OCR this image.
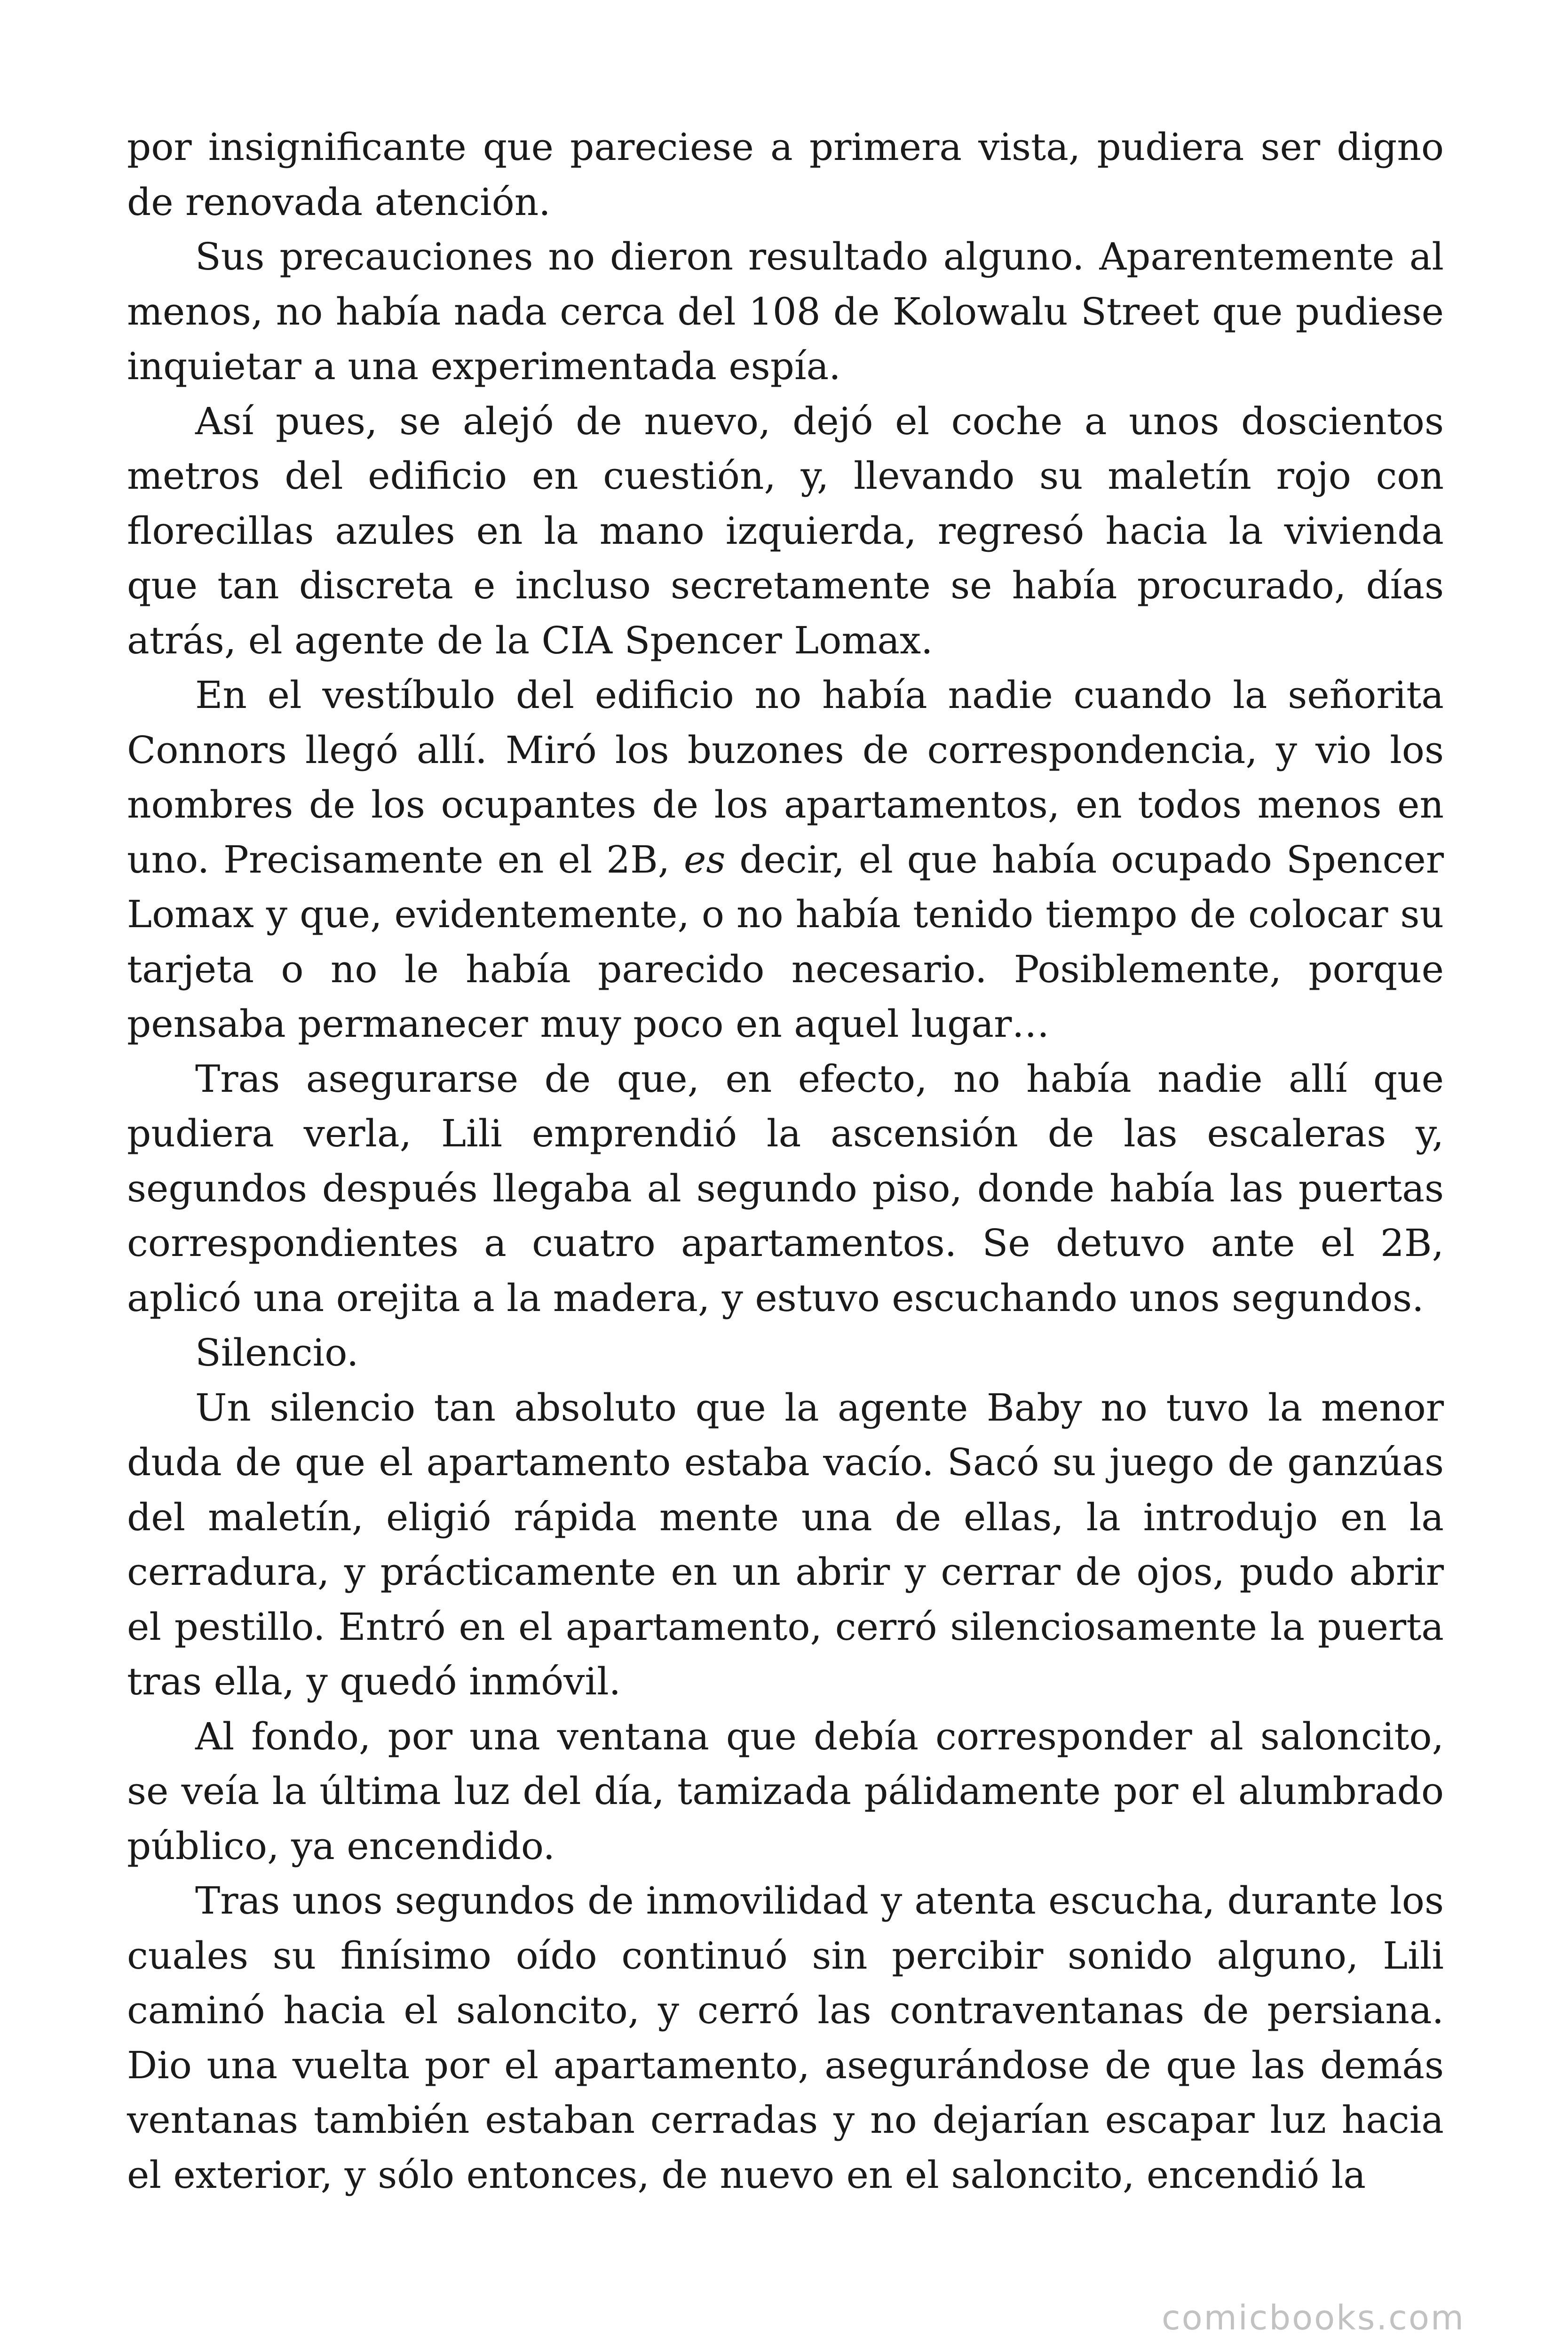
por insignificante que pareciese a primera vista, pudiera ser digno de renovada atención.

Sus precauciones no dieron resultado alguno. Aparentemente al menos, no había nada cerca del 108 de Kolowalu Street que pudiese inquietar a una experimentada espía.

Así pues, se alejó de nuevo, dejó el coche a unos doscientos metros del edificio en cuestión, y, llevando su maletín rojo con florecillas azules en la mano izquierda, regresó hacia la vivienda que tan discreta e incluso secretamente se había procurado, días atrás, el agente de la CIA Spencer Lomax.

En el vestíbulo del edificio no había nadie cuando la señorita Connors llegó allí. Miró los buzones de correspondencia, y vio los nombres de los ocupantes de los apartamentos, en todos menos en uno. Precisamente en el 2B, es decir, el que había ocupado Spencer Lomax y que, evidentemente, o no había tenido tiempo de colocar su tarjeta o no le había parecido necesario. Posiblemente, porque pensaba permanecer muy poco en aquel lugar…

Tras asegurarse de que, en efecto, no había nadie allí que pudiera verla, Lili emprendió la ascensión de las escaleras y, segundos después llegaba al segundo piso, donde había las puertas correspondientes a cuatro apartamentos. Se detuvo ante el 2B, aplicó una orejita a la madera, y estuvo escuchando unos segundos.

Silencio.

Un silencio tan absoluto que la agente Baby no tuvo la menor duda de que el apartamento estaba vacío. Sacó su juego de ganzúas del maletín, eligió rápida mente una de ellas, la introdujo en la cerradura, y prácticamente en un abrir y cerrar de ojos, pudo abrir el pestillo. Entró en el apartamento, cerró silenciosamente la puerta tras ella, y quedó inmóvil.

Al fondo, por una ventana que debía corresponder al saloncito, se veía la última luz del día, tamizada pálidamente por el alumbrado público, ya encendido.

Tras unos segundos de inmovilidad y atenta escucha, durante los cuales su finísimo oído continuó sin percibir sonido alguno, Lili caminó hacia el saloncito, y cerró las contraventanas de persiana. Dio una vuelta por el apartamento, asegurándose de que las demás ventanas también estaban cerradas y no dejarían escapar luz hacia el exterior, y sólo entonces, de nuevo en el saloncito, encendió la

comicbooks.com
